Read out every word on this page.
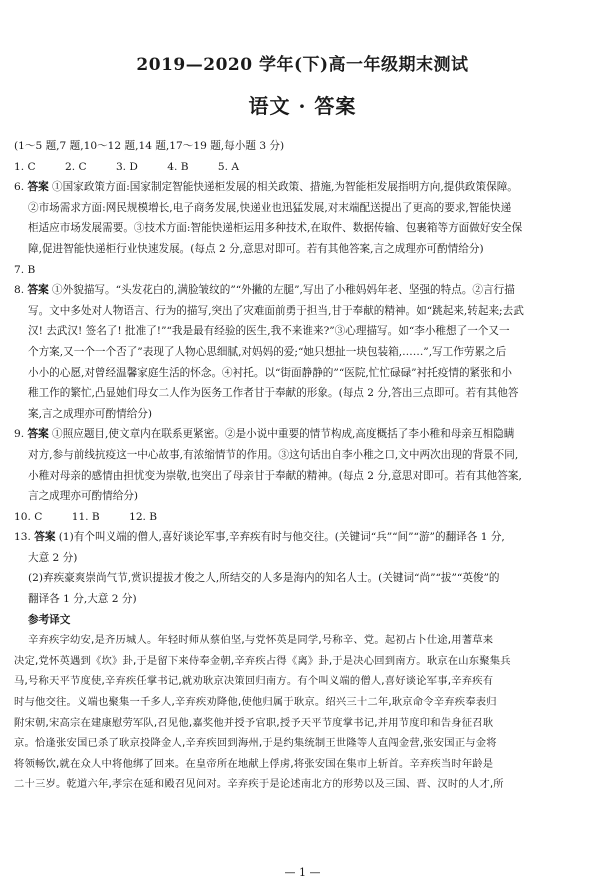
2019—2020 学年(下)高一年级期末测试
语文 · 答案
(1～5 题,7 题,10～12 题,14 题,17～19 题,每小题 3 分)
1. C	2. C	3. D	4. B	5. A
6. 答案 ①国家政策方面:国家制定智能快递柜发展的相关政策、措施,为智能柜发展指明方向,提供政策保障。
②市场需求方面:网民规模增长,电子商务发展,快递业也迅猛发展,对末端配送提出了更高的要求,智能快递
柜适应市场发展需要。③技术方面:智能快递柜运用多种技术,在取件、数据传输、包裹箱等方面做好安全保
障,促进智能快递柜行业快速发展。(每点 2 分,意思对即可。若有其他答案,言之成理亦可酌情给分)
7. B
8. 答案 ①外貌描写。“头发花白的,满脸皱纹的”“外撇的左腿”,写出了小稚妈妈年老、坚强的特点。②言行描
写。文中多处对人物语言、行为的描写,突出了灾难面前勇于担当,甘于奉献的精神。如“跳起来,转起来;去武
汉! 去武汉! 签名了! 批准了!”“我是最有经验的医生,我不来谁来?”③心理描写。如“李小稚想了一个又一
个方案,又一个一个否了”表现了人物心思细腻,对妈妈的爱;“她只想扯一块包装箱,……”,写工作劳累之后
小小的心愿,对曾经温馨家庭生活的怀念。④衬托。以“街面静静的”“医院,忙忙碌碌”衬托疫情的紧张和小
稚工作的繁忙,凸显她们母女二人作为医务工作者甘于奉献的形象。(每点 2 分,答出三点即可。若有其他答
案,言之成理亦可酌情给分)
9. 答案 ①照应题目,使文章内在联系更紧密。②是小说中重要的情节构成,高度概括了李小稚和母亲互相隐瞒
对方,参与前线抗疫这一中心故事,有浓缩情节的作用。③这句话出自李小稚之口,文中两次出现的背景不同,
小稚对母亲的感情由担忧变为崇敬,也突出了母亲甘于奉献的精神。(每点 2 分,意思对即可。若有其他答案,
言之成理亦可酌情给分)
10. C	11. B	12. B
13. 答案 (1)有个叫义端的僧人,喜好谈论军事,辛弃疾有时与他交往。(关键词“兵”“间”“游”的翻译各 1 分,
大意 2 分)
(2)弃疾豪爽崇尚气节,赏识提拔才俊之人,所结交的人多是海内的知名人士。(关键词“尚”“拔”“英俊”的
翻译各 1 分,大意 2 分)
参考译文
辛弃疾字幼安,是齐历城人。年轻时师从蔡伯坚,与党怀英是同学,号称辛、党。起初占卜仕途,用蓍草来
决定,党怀英遇到《坎》卦,于是留下来侍奉金朝,辛弃疾占得《离》卦,于是决心回到南方。耿京在山东聚集兵
马,号称天平节度使,辛弃疾任掌书记,就劝耿京决策回归南方。有个叫义端的僧人,喜好谈论军事,辛弃疾有
时与他交往。义端也聚集一千多人,辛弃疾劝降他,使他归属于耿京。绍兴三十二年,耿京命令辛弃疾奉表归
附宋朝,宋高宗在建康慰劳军队,召见他,嘉奖他并授予官职,授予天平节度掌书记,并用节度印和告身征召耿
京。恰逢张安国已杀了耿京投降金人,辛弃疾回到海州,于是约集统制王世隆等人直闯金营,张安国正与金将
将领畅饮,就在众人中将他绑了回来。在皇帝所在地献上俘虏,将张安国在集市上斩首。辛弃疾当时年龄是
二十三岁。乾道六年,孝宗在延和殿召见问对。辛弃疾于是论述南北方的形势以及三国、晋、汉时的人才,所
— 1 —
